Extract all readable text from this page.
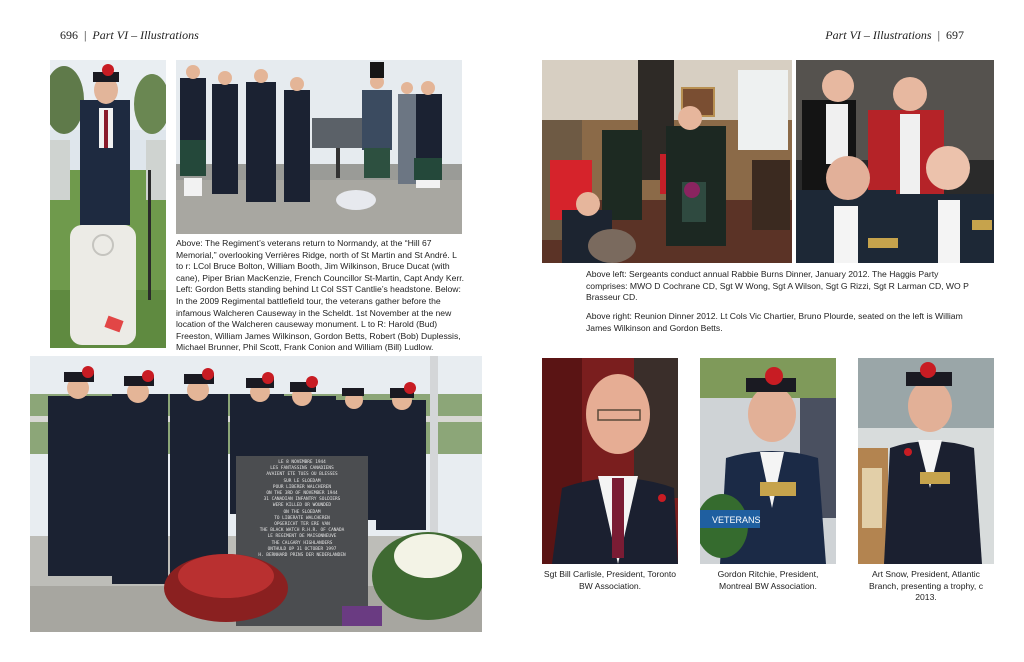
696 | Part VI – Illustrations	Part VI – Illustrations | 697

Above: The Regiment’s veterans return to Normandy, at the “Hill 67 Memorial,” overlooking Verrières Ridge, north of St Martin and St André. L to r: LCol Bruce Bolton, William Booth, Jim Wilkinson, Bruce Ducat (with cane), Piper Brian MacKenzie, French Councillor St-Martin, Capt Andy Kerr. Left: Gordon Betts standing behind Lt Col SST Cantlie’s headstone. Below: In the 2009 Regimental battlefield tour, the veterans gather before the infamous Walcheren Causeway in the Scheldt. 1st November at the new location of the Walcheren causeway monument. L to R: Harold (Bud) Freeston, William James Wilkinson, Gordon Betts, Robert (Bob) Duplessis, Michael Brunner, Phil Scott, Frank Conion and William (Bill) Ludlow.

LE 8 NOVEMBRE 1944
LES FANTASSINS CANADIENS
AVAIENT ETE TUES OU BLESSES
SUR LE SLOEDAM
POUR LIBERER WALCHEREN
ON THE 3RD OF NOVEMBER 1944
31 CANADIAN INFANTRY SOLDIERS
WERE KILLED OR WOUNDED
ON THE SLOEDAM
TO LIBERATE WALCHEREN
OPGERICHT TER ERE VAN
THE BLACK WATCH R.H.R. OF CANADA
LE REGIMENT DE MAISONNEUVE
THE CALGARY HIGHLANDERS
ONTHULD OP 31 OCTOBER 1997
H. BERNHARD PRINS DER NEDERLANDEN

Above left: Sergeants conduct annual Rabbie Burns Dinner, January 2012. The Haggis Party comprises: MWO D Cochrane CD, Sgt W Wong, Sgt A Wilson, Sgt G Rizzi, Sgt R Larman CD, WO P Brasseur CD.

Above right: Reunion Dinner 2012. Lt Cols Vic Chartier, Bruno Plourde, seated on the left is William James Wilkinson and Gordon Betts.

VETERANS

Sgt Bill Carlisle, President, Toronto BW Association.

Gordon Ritchie, President, Montreal BW Association.

Art Snow, President, Atlantic Branch, presenting a trophy, c 2013.
